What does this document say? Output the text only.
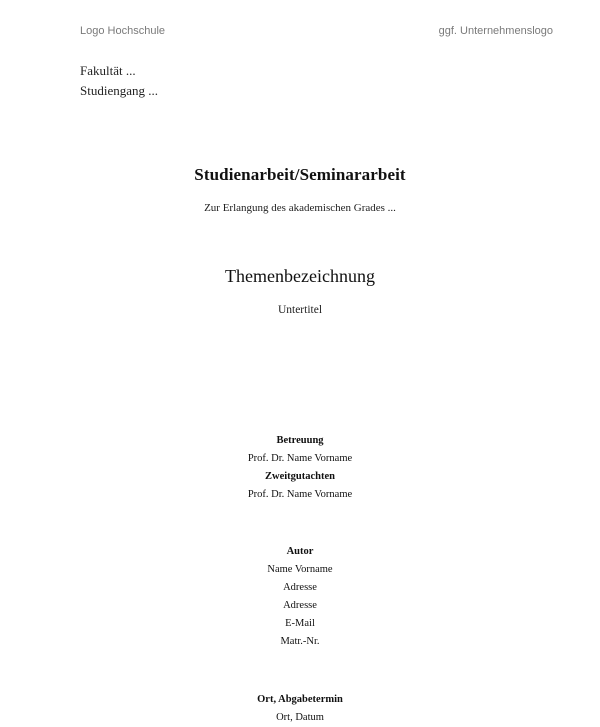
Logo Hochschule	ggf. Unternehmenslogo
Fakultät ...
Studiengang ...
Studienarbeit/Seminararbeit
Zur Erlangung des akademischen Grades ...
Themenbezeichnung
Untertitel
Betreuung
Prof. Dr. Name Vorname
Zweitgutachten
Prof. Dr. Name Vorname
Autor
Name Vorname
Adresse
Adresse
E-Mail
Matr.-Nr.
Ort, Abgabetermin
Ort, Datum
